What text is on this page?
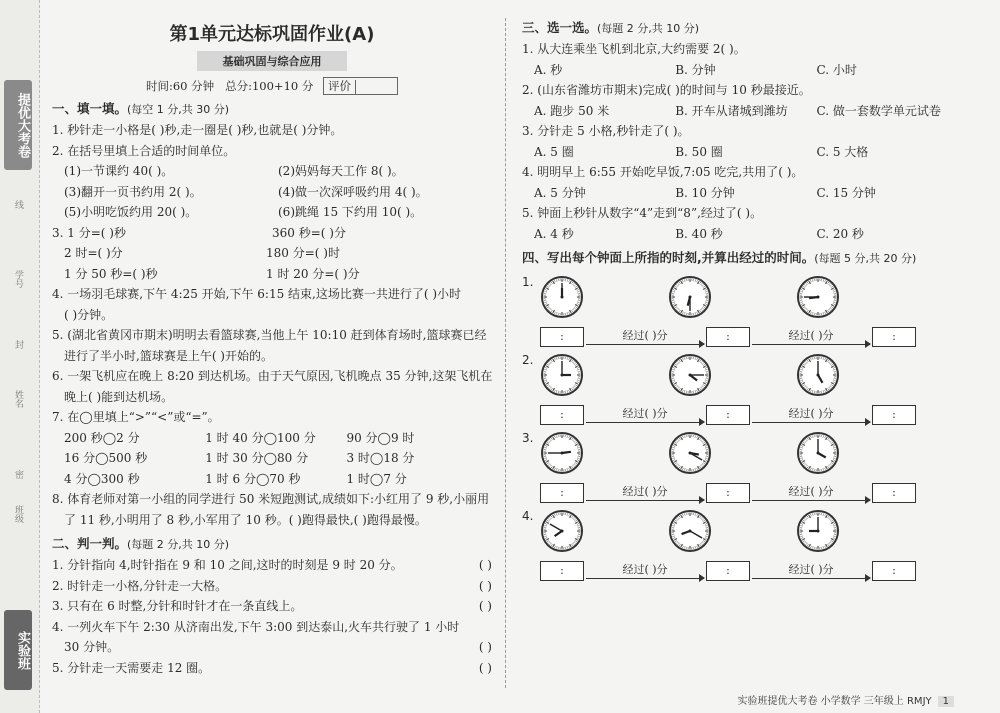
提优大考卷
线
学号
封
姓名
密
班级
实验班
第1单元达标巩固作业(A)
基础巩固与综合应用
时间:60 分钟 总分:100+10 分 评价
一、填一填。(每空 1 分,共 30 分)
1. 秒针走一小格是( )秒,走一圈是( )秒,也就是( )分钟。
2. 在括号里填上合适的时间单位。
(1)一节课约 40( )。	(2)妈妈每天工作 8( )。
(3)翻开一页书约用 2( )。	(4)做一次深呼吸约用 4( )。
(5)小明吃饭约用 20( )。	(6)跳绳 15 下约用 10( )。
3. 1 分=( )秒	360 秒=( )分
2 时=( )分	180 分=( )时
1 分 50 秒=( )秒	1 时 20 分=( )分
4. 一场羽毛球赛,下午 4:25 开始,下午 6:15 结束,这场比赛一共进行了( )小时
( )分钟。
5. (湖北省黄冈市期末)明明去看篮球赛,当他上午 10:10 赶到体育场时,篮球赛已经
进行了半小时,篮球赛是上午( )开始的。
6. 一架飞机应在晚上 8:20 到达机场。由于天气原因,飞机晚点 35 分钟,这架飞机在
晚上( )能到达机场。
7. 在◯里填上“>”“<”或“=”。
200 秒◯2 分	1 时 40 分◯100 分	90 分◯9 时
16 分◯500 秒	1 时 30 分◯80 分	3 时◯18 分
4 分◯300 秒	1 时 6 分◯70 秒	1 时◯7 分
8. 体育老师对第一小组的同学进行 50 米短跑测试,成绩如下:小红用了 9 秒,小丽用
了 11 秒,小明用了 8 秒,小军用了 10 秒。( )跑得最快,( )跑得最慢。
二、判一判。(每题 2 分,共 10 分)
1. 分针指向 4,时针指在 9 和 10 之间,这时的时刻是 9 时 20 分。	( )
2. 时针走一小格,分针走一大格。	( )
3. 只有在 6 时整,分针和时针才在一条直线上。	( )
4. 一列火车下午 2:30 从济南出发,下午 3:00 到达泰山,火车共行驶了 1 小时
30 分钟。	( )
5. 分针走一天需要走 12 圈。	( )
三、选一选。(每题 2 分,共 10 分)
1. 从大连乘坐飞机到北京,大约需要 2( )。
A. 秒	B. 分钟	C. 小时
2. (山东省潍坊市期末)完成( )的时间与 10 秒最接近。
A. 跑步 50 米	B. 开车从诸城到潍坊	C. 做一套数学单元试卷
3. 分针走 5 小格,秒针走了( )。
A. 5 圈	B. 50 圈	C. 5 大格
4. 明明早上 6:55 开始吃早饭,7:05 吃完,共用了( )。
A. 5 分钟	B. 10 分钟	C. 15 分钟
5. 钟面上秒针从数字“4”走到“8”,经过了( )。
A. 4 秒	B. 40 秒	C. 20 秒
四、写出每个钟面上所指的时刻,并算出经过的时间。(每题 5 分,共 20 分)
1.
:	经过( )分	:	经过( )分	:
2.
:	经过( )分	:	经过( )分	:
3.
:	经过( )分	:	经过( )分	:
4.
:	经过( )分	:	经过( )分	:
实验班提优大考卷 小学数学 三年级上 RMJY 1
